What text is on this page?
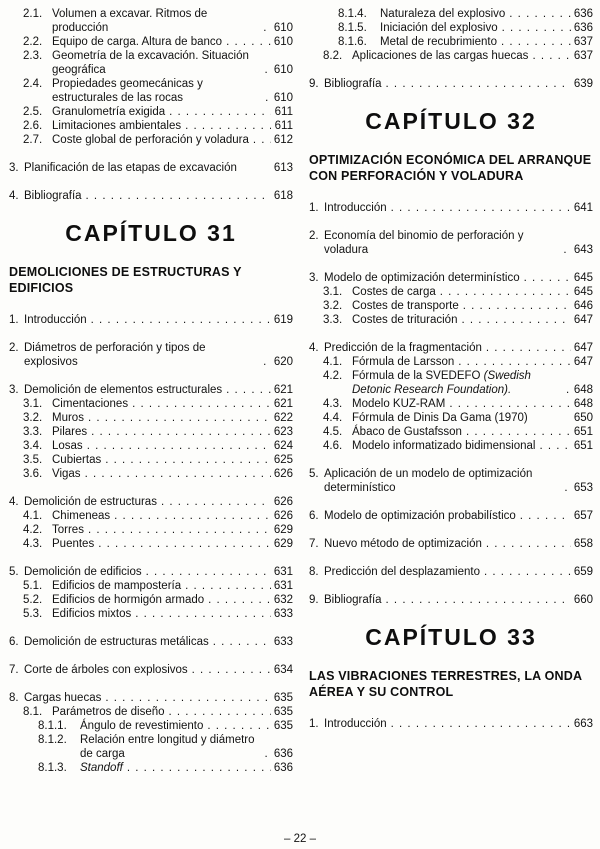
2.1. Volumen a excavar. Ritmos de producción . . .	610
2.2. Equipo de carga. Altura de banco . . .	610
2.3. Geometría de la excavación. Situación geográfica . . .	610
2.4. Propiedades geomecánicas y estructurales de las rocas . . .	610
2.5. Granulometría exigida . . .	611
2.6. Limitaciones ambientales . . .	611
2.7. Coste global de perforación y voladura . . . 612
3. Planificación de las etapas de excavación	613
4. Bibliografía . . .	618
CAPÍTULO 31
DEMOLICIONES DE ESTRUCTURAS Y EDIFICIOS
1. Introducción . . .	619
2. Diámetros de perforación y tipos de explosivos . . .	620
3. Demolición de elementos estructurales . . .	621
3.1. Cimentaciones . . .	621
3.2. Muros . . .	622
3.3. Pilares . . .	623
3.4. Losas . . .	624
3.5. Cubiertas . . .	625
3.6. Vigas . . .	626
4. Demolición de estructuras . . .	626
4.1. Chimeneas . . .	626
4.2. Torres . . .	629
4.3. Puentes . . .	629
5. Demolición de edificios . . .	631
5.1. Edificios de mampostería . . .	631
5.2. Edificios de hormigón armado . . .	632
5.3. Edificios mixtos . . .	633
6. Demolición de estructuras metálicas . . .	633
7. Corte de árboles con explosivos . . .	634
8. Cargas huecas . . .	635
8.1. Parámetros de diseño . . .	635
8.1.1.	Ángulo de revestimiento . . .	635
8.1.2.	Relación entre longitud y diámetro de carga . . .	636
8.1.3.	Standoff . . .	636
8.1.4.	Naturaleza del explosivo . . .	636
8.1.5.	Iniciación del explosivo . . .	636
8.1.6.	Metal de recubrimiento . . .	637
8.2. Aplicaciones de las cargas huecas . . .	637
9. Bibliografía . . .	639
CAPÍTULO 32
OPTIMIZACIÓN ECONÓMICA DEL ARRANQUE CON PERFORACIÓN Y VOLADURA
1. Introducción . . .	641
2. Economía del binomio de perforación y voladura . . .	643
3. Modelo de optimización determinístico . . .	645
3.1. Costes de carga . . .	645
3.2. Costes de transporte . . .	646
3.3. Costes de trituración . . .	647
4. Predicción de la fragmentación . . .	647
4.1. Fórmula de Larsson . . .	647
4.2. Fórmula de la SVEDEFO (Swedish Detonic Research Foundation). . . .	648
4.3. Modelo KUZ-RAM . . .	648
4.4. Fórmula de Dinis Da Gama (1970)	650
4.5. Ábaco de Gustafsson . . .	651
4.6. Modelo informatizado bidimensional . . .	651
5. Aplicación de un modelo de optimización determinístico . . .	653
6. Modelo de optimización probabilístico . . .	657
7. Nuevo método de optimización . . .	658
8. Predicción del desplazamiento . . .	659
9. Bibliografía . . .	660
CAPÍTULO 33
LAS VIBRACIONES TERRESTRES, LA ONDA AÉREA Y SU CONTROL
1. Introducción . . .	663
– 22 –
